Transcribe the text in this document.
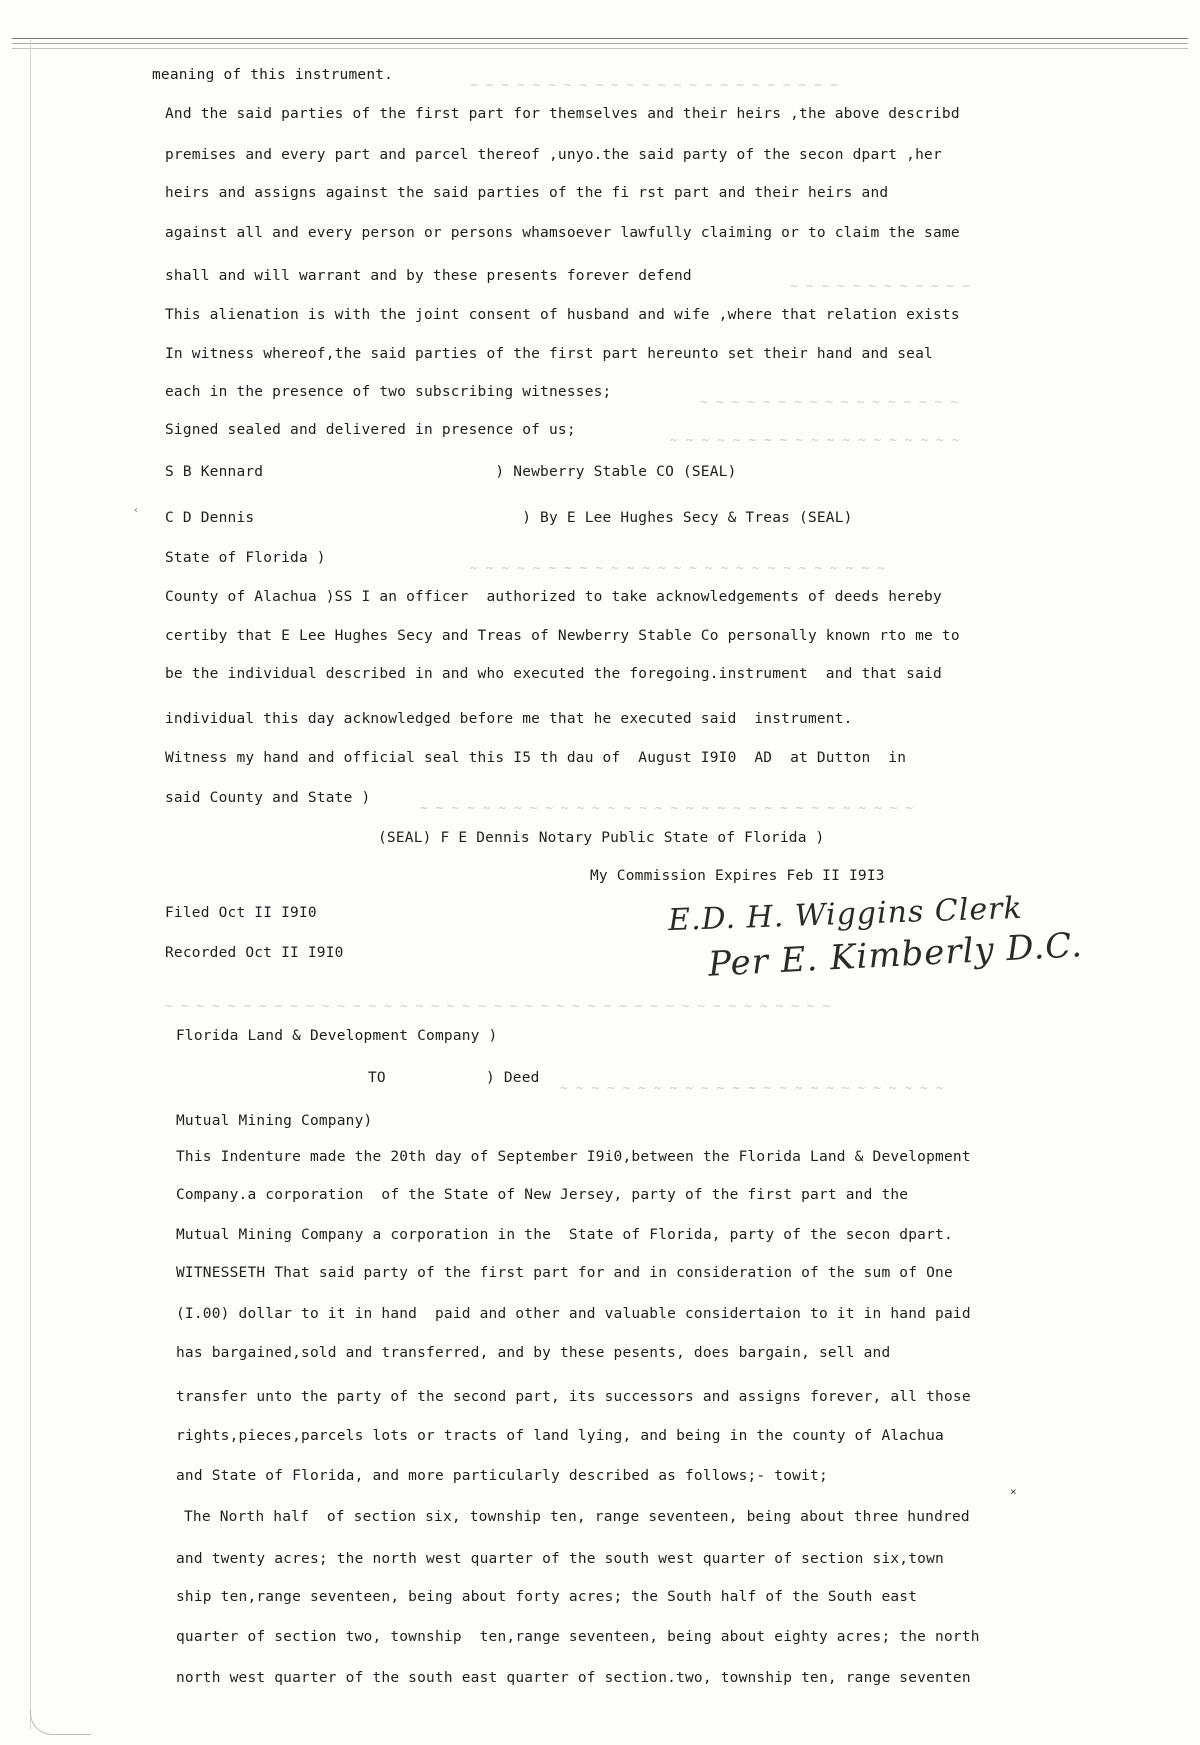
~ ~ ~ ~ ~ ~ ~ ~ ~ ~ ~ ~ ~ ~ ~ ~ ~ ~ ~ ~ ~ ~ ~ ~
~ ~ ~ ~ ~ ~ ~ ~ ~ ~ ~ ~
~ ~ ~ ~ ~ ~ ~ ~ ~ ~ ~ ~ ~ ~ ~ ~ ~
~ ~ ~ ~ ~ ~ ~ ~ ~ ~ ~ ~ ~ ~ ~ ~ ~ ~ ~
~ ~ ~ ~ ~ ~ ~ ~ ~ ~ ~ ~ ~ ~ ~ ~ ~ ~ ~ ~ ~ ~ ~ ~ ~ ~ ~
~ ~ ~ ~ ~ ~ ~ ~ ~ ~ ~ ~ ~ ~ ~ ~ ~ ~ ~ ~ ~ ~ ~ ~ ~ ~ ~ ~ ~ ~ ~ ~
~ ~ ~ ~ ~ ~ ~ ~ ~ ~ ~ ~ ~ ~ ~ ~ ~ ~ ~ ~ ~ ~ ~ ~ ~ ~ ~ ~ ~ ~ ~ ~ ~ ~ ~ ~ ~ ~ ~ ~ ~ ~ ~
~ ~ ~ ~ ~ ~ ~ ~ ~ ~ ~ ~ ~ ~ ~ ~ ~ ~ ~ ~ ~ ~ ~ ~ ~
meaning of this instrument.
And the said parties of the first part for themselves and their heirs ,the above describd
premises and every part and parcel thereof ,unyo.the said party of the secon dpart ,her
heirs and assigns against the said parties of the fi rst part and their heirs and
against all and every person or persons whamsoever lawfully claiming or to claim the same
shall and will warrant and by these presents forever defend
This alienation is with the joint consent of husband and wife ,where that relation exists
In witness whereof,the said parties of the first part hereunto set their hand and seal
each in the presence of two subscribing witnesses;
Signed sealed and delivered in presence of us;
S B Kennard                          ) Newberry Stable CO (SEAL)
C D Dennis                              ) By E Lee Hughes Secy & Treas (SEAL)
State of Florida )
County of Alachua )SS I an officer  authorized to take acknowledgements of deeds hereby
certiby that E Lee Hughes Secy and Treas of Newberry Stable Co personally known rto me to
be the individual described in and who executed the foregoing.instrument  and that said
individual this day acknowledged before me that he executed said  instrument.
Witness my hand and official seal this I5 th dau of  August I9I0  AD  at Dutton  in
said County and State )
(SEAL) F E Dennis Notary Public State of Florida )
My Commission Expires Feb II I9I3
Filed Oct II I9I0
Recorded Oct II I9I0
Florida Land & Development Company )
TO	) Deed
Mutual Mining Company)
This Indenture made the 20th day of September I9i0,between the Florida Land & Development
Company.a corporation  of the State of New Jersey, party of the first part and the
Mutual Mining Company a corporation in the  State of Florida, party of the secon dpart.
WITNESSETH That said party of the first part for and in consideration of the sum of One
(I.00) dollar to it in hand  paid and other and valuable considertaion to it in hand paid
has bargained,sold and transferred, and by these pesents, does bargain, sell and
transfer unto the party of the second part, its successors and assigns forever, all those
rights,pieces,parcels lots or tracts of land lying, and being in the county of Alachua
and State of Florida, and more particularly described as follows;- towit;
The North half  of section six, township ten, range seventeen, being about three hundred
and twenty acres; the north west quarter of the south west quarter of section six,town
ship ten,range seventeen, being about forty acres; the South half of the South east
quarter of section two, township  ten,range seventeen, being about eighty acres; the north
north west quarter of the south east quarter of section.two, township ten, range seventen
E.D. H. Wiggins Clerk
Per E. Kimberly D.C.
‹
×
